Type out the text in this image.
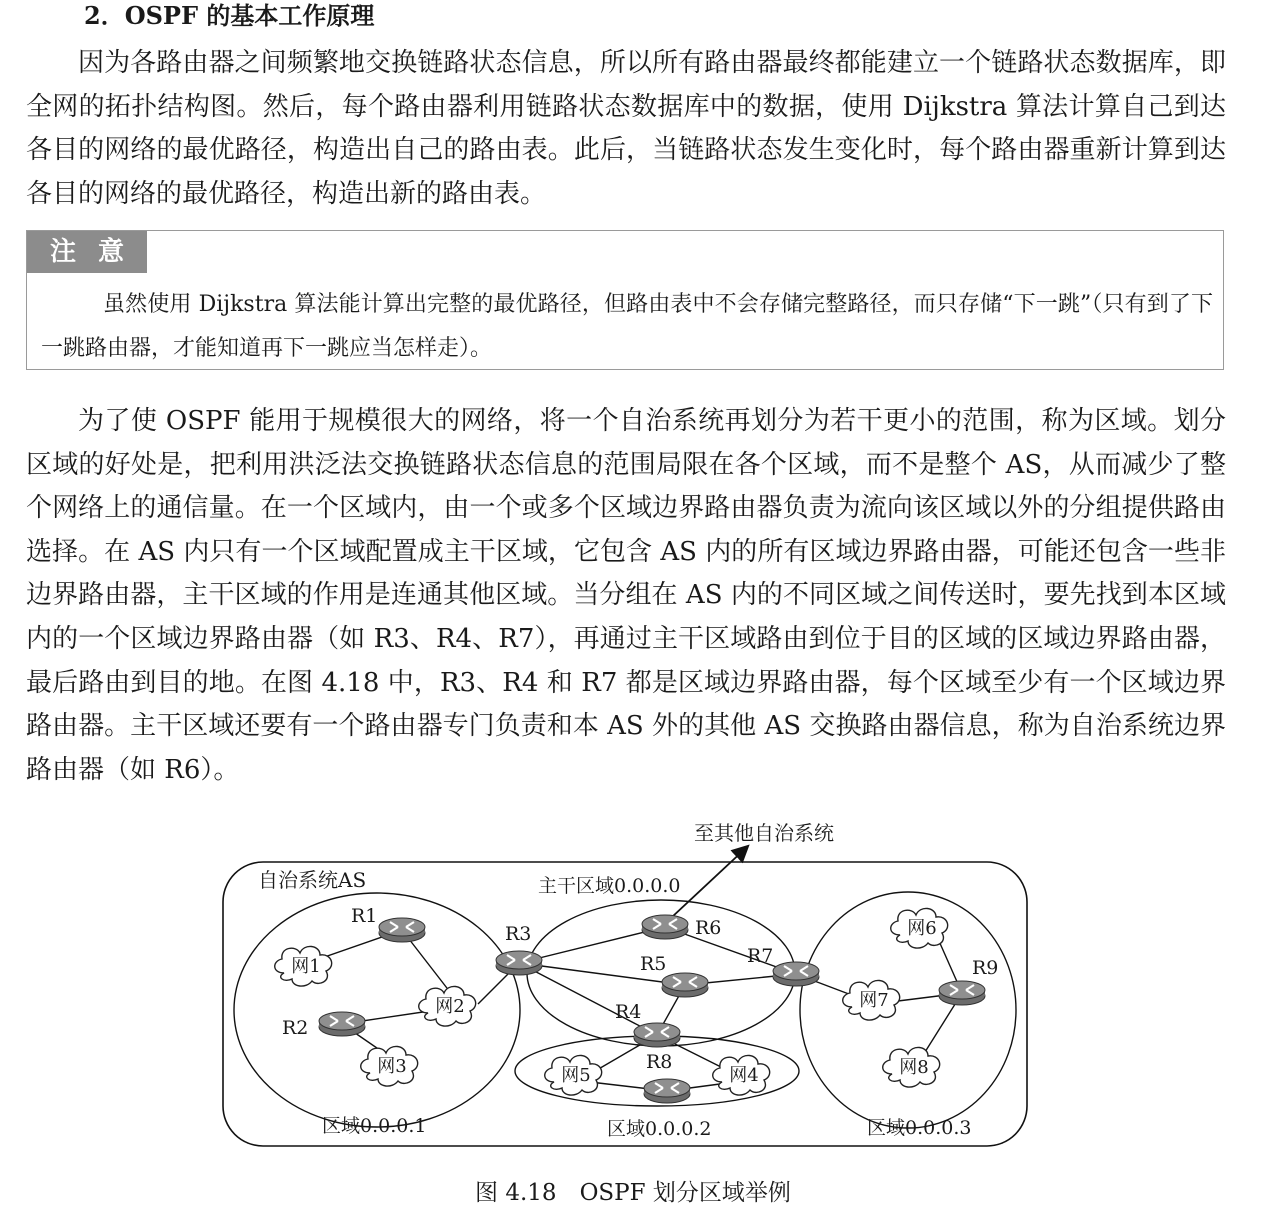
2．OSPF 的基本工作原理

因为各路由器之间频繁地交换链路状态信息，所以所有路由器最终都能建立一个链路状态数据库，即全网的拓扑结构图。然后，每个路由器利用链路状态数据库中的数据，使用 Dijkstra 算法计算自己到达各目的网络的最优路径，构造出自己的路由表。此后，当链路状态发生变化时，每个路由器重新计算到达各目的网络的最优路径，构造出新的路由表。

注意

虽然使用 Dijkstra 算法能计算出完整的最优路径，但路由表中不会存储完整路径，而只存储“下一跳”（只有到了下一跳路由器，才能知道再下一跳应当怎样走）。

为了使 OSPF 能用于规模很大的网络，将一个自治系统再划分为若干更小的范围，称为区域。划分区域的好处是，把利用洪泛法交换链路状态信息的范围局限在各个区域，而不是整个 AS，从而减少了整个网络上的通信量。在一个区域内，由一个或多个区域边界路由器负责为流向该区域以外的分组提供路由选择。在 AS 内只有一个区域配置成主干区域，它包含 AS 内的所有区域边界路由器，可能还包含一些非边界路由器，主干区域的作用是连通其他区域。当分组在 AS 内的不同区域之间传送时，要先找到本区域内的一个区域边界路由器（如 R3、R4、R7），再通过主干区域路由到位于目的区域的区域边界路由器，最后路由到目的地。在图 4.18 中，R3、R4 和 R7 都是区域边界路由器，每个区域至少有一个区域边界路由器。主干区域还要有一个路由器专门负责和本 AS 外的其他 AS 交换路由器信息，称为自治系统边界路由器（如 R6）。

网1
网2
网3	网4
网5
网6
网7
网8
R1
R2
R3
R4
R5
R6
R7
R8
R9
至其他自治系统
自治系统AS	主干区域0.0.0.0
区域0.0.0.1	区域0.0.0.2	区域0.0.0.3
图 4.18　OSPF 划分区域举例
